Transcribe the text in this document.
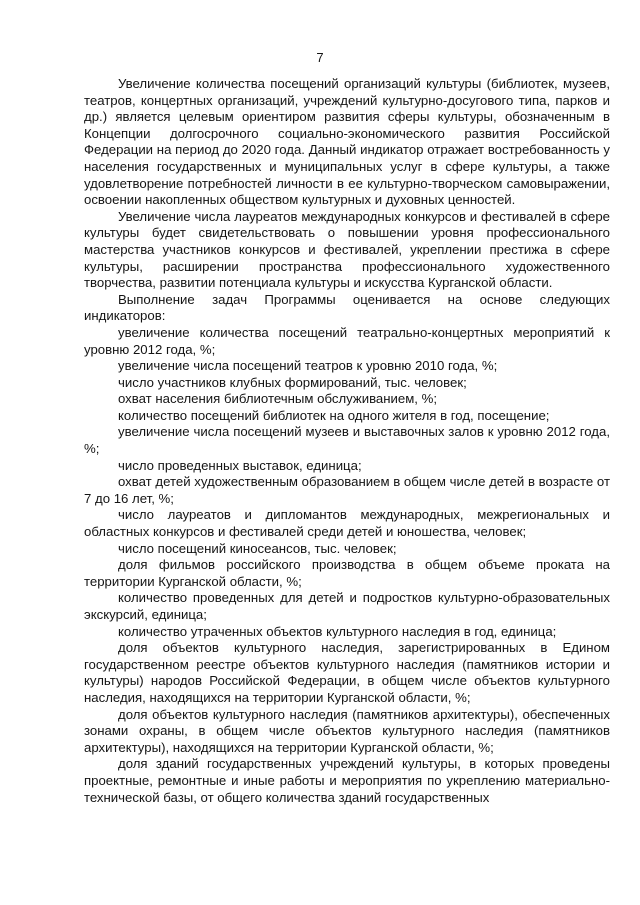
7

Увеличение количества посещений организаций культуры (библиотек, музеев, театров, концертных организаций, учреждений культурно-досугового типа, парков и др.) является целевым ориентиром развития сферы культуры, обозначенным в Концепции долгосрочного социально-экономического развития Российской Федерации на период до 2020 года. Данный индикатор отражает востребованность у населения государственных и муниципальных услуг в сфере культуры, а также удовлетворение потребностей личности в ее культурно-творческом самовыражении, освоении накопленных обществом культурных и духовных ценностей.

Увеличение числа лауреатов международных конкурсов и фестивалей в сфере культуры будет свидетельствовать о повышении уровня профессионального мастерства участников конкурсов и фестивалей, укреплении престижа в сфере культуры, расширении пространства профессионального художественного творчества, развитии потенциала культуры и искусства Курганской области.

Выполнение задач Программы оценивается на основе следующих индикаторов:

увеличение количества посещений театрально-концертных мероприятий к уровню 2012 года, %;

увеличение числа посещений театров к уровню 2010 года, %;

число участников клубных формирований, тыс. человек;

охват населения библиотечным обслуживанием, %;

количество посещений библиотек на одного жителя в год, посещение;

увеличение числа посещений музеев и выставочных залов к уровню 2012 года, %;

число проведенных выставок, единица;

охват детей художественным образованием в общем числе детей в возрасте от 7 до 16 лет, %;

число лауреатов и дипломантов международных, межрегиональных и областных конкурсов и фестивалей среди детей и юношества, человек;

число посещений киносеансов, тыс. человек;

доля фильмов российского производства в общем объеме проката на территории Курганской области, %;

количество проведенных для детей и подростков культурно-образовательных экскурсий, единица;

количество утраченных объектов культурного наследия в год, единица;

доля объектов культурного наследия, зарегистрированных в Едином государственном реестре объектов культурного наследия (памятников истории и культуры) народов Российской Федерации, в общем числе объектов культурного наследия, находящихся на территории Курганской области, %;

доля объектов культурного наследия (памятников архитектуры), обеспеченных зонами охраны, в общем числе объектов культурного наследия (памятников архитектуры), находящихся на территории Курганской области, %;

доля зданий государственных учреждений культуры, в которых проведены проектные, ремонтные и иные работы и мероприятия по укреплению материально-технической базы, от общего количества зданий государственных
